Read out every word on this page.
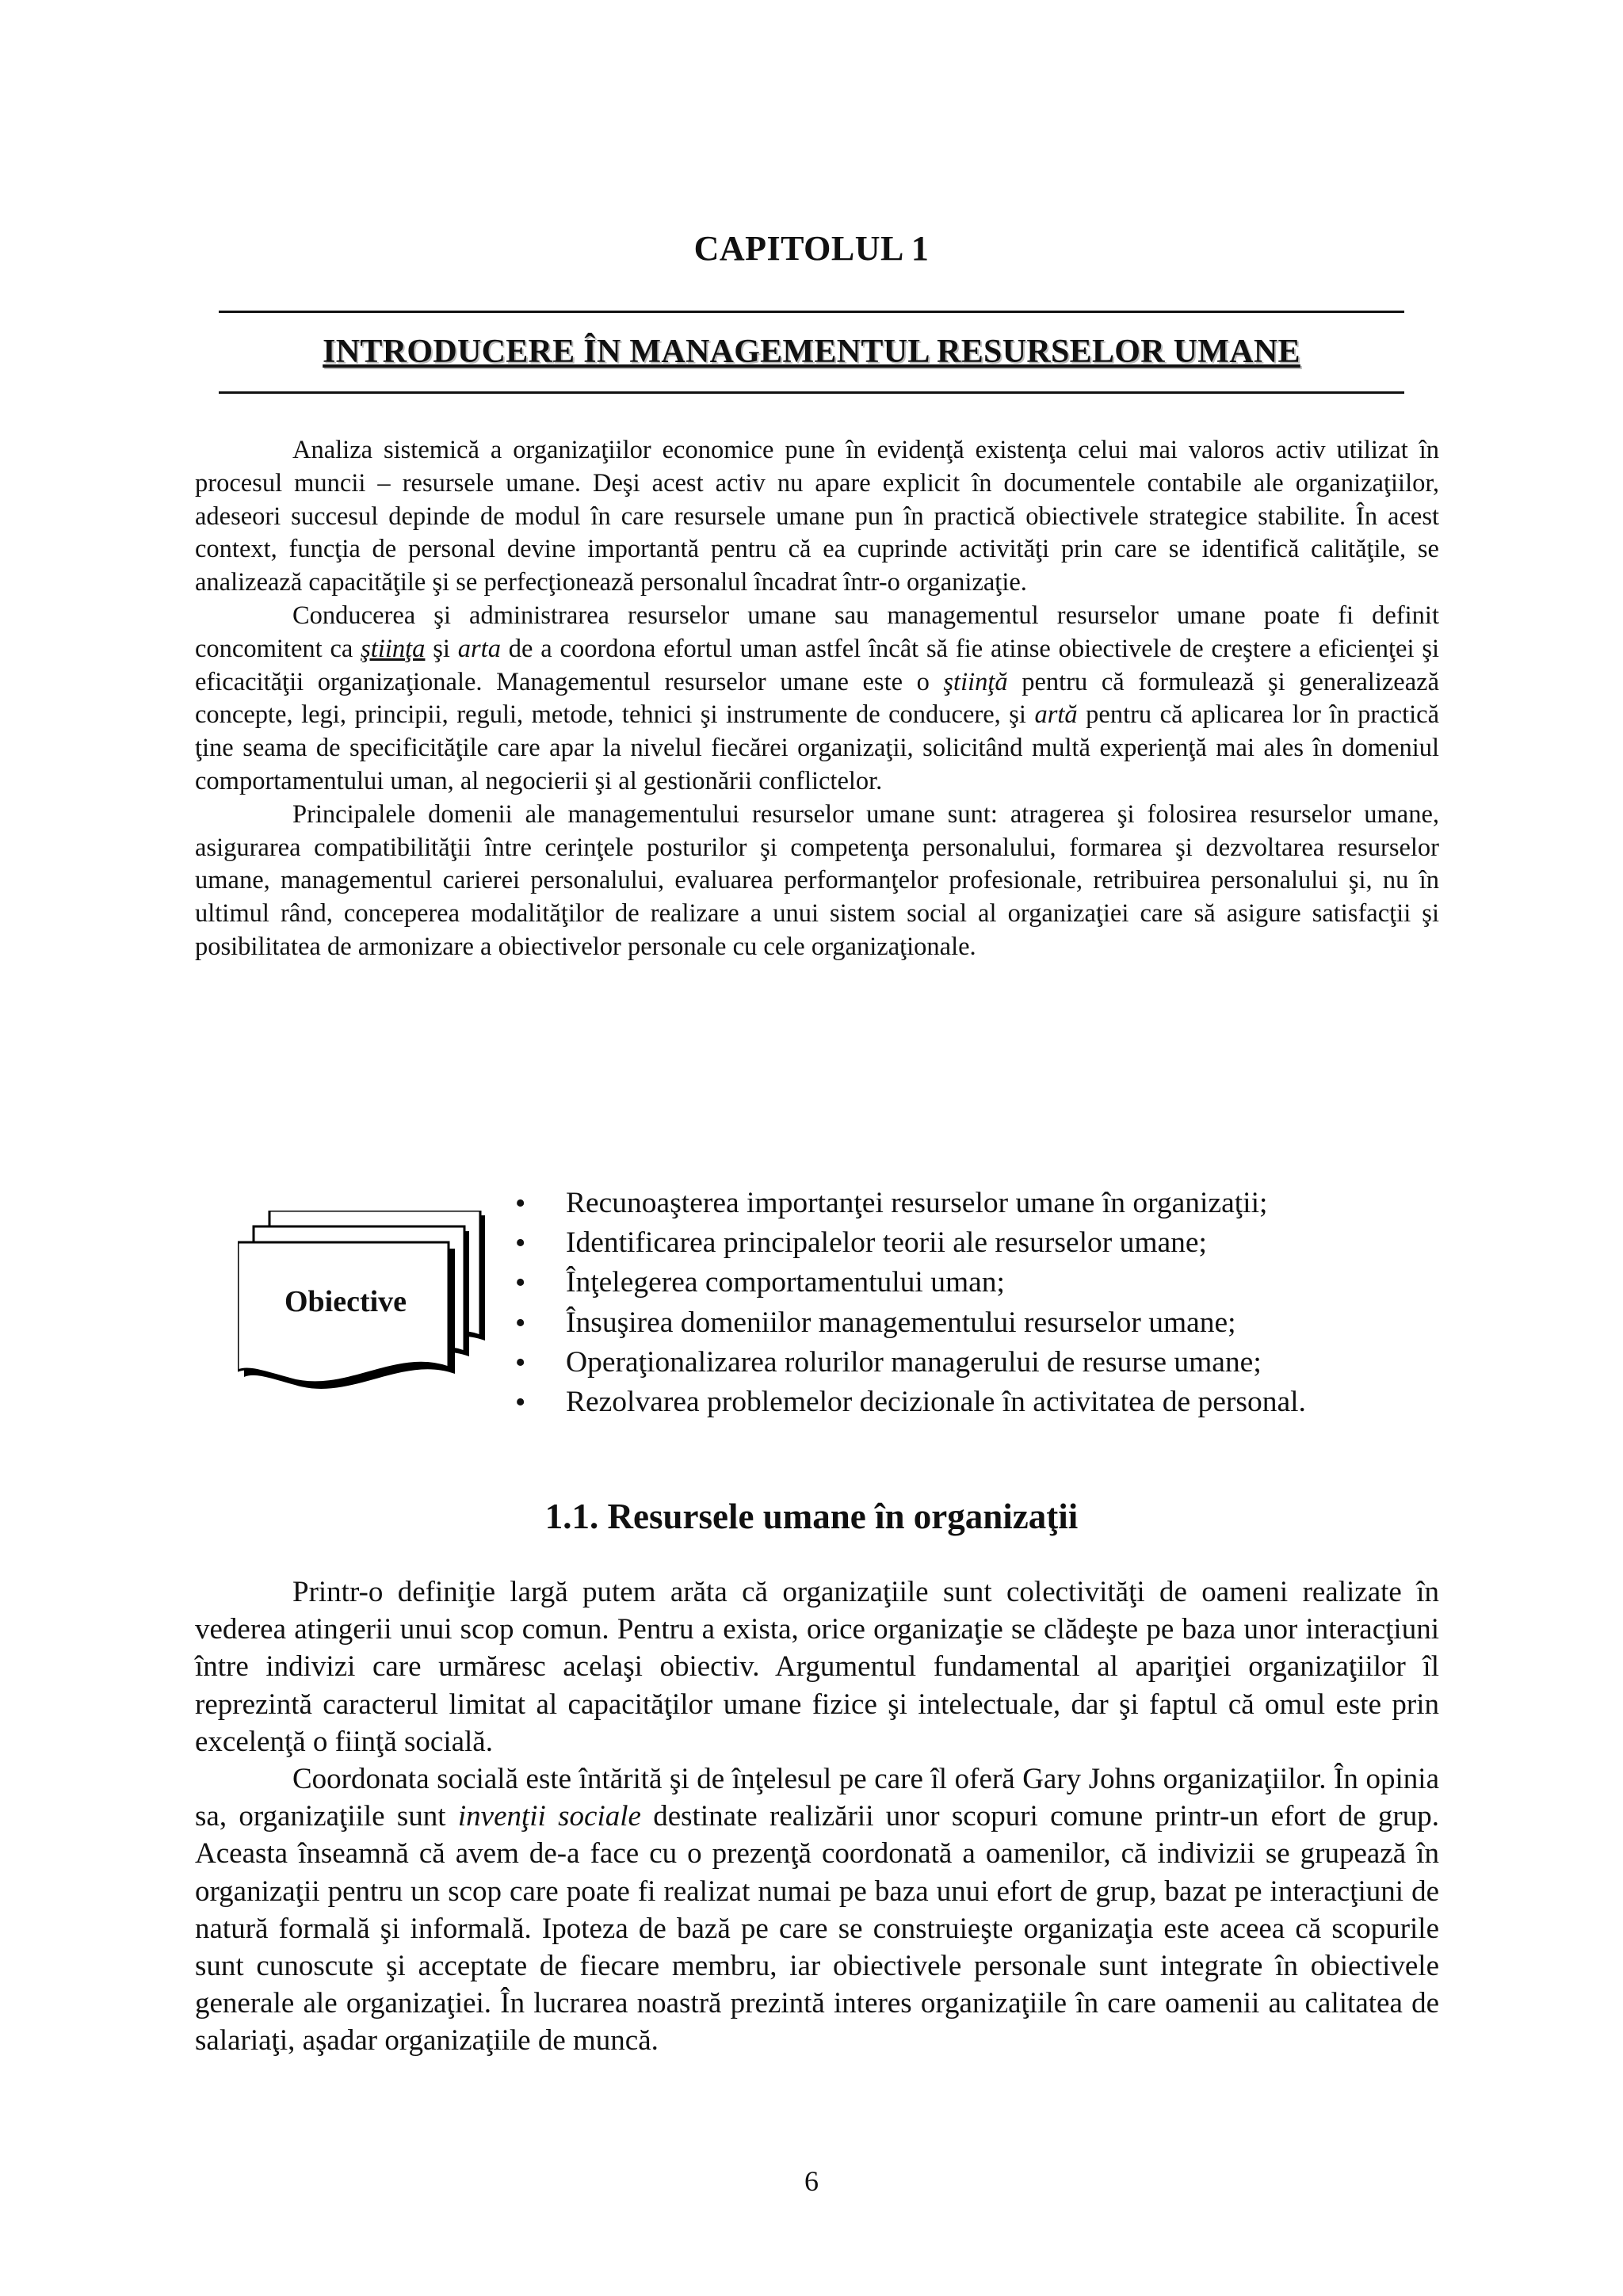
CAPITOLUL 1
INTRODUCERE ÎN MANAGEMENTUL RESURSELOR UMANE

Analiza sistemică a organizaţiilor economice pune în evidenţă existenţa celui mai valoros activ utilizat în procesul muncii – resursele umane. Deşi acest activ nu apare explicit în documentele contabile ale organizaţiilor, adeseori succesul depinde de modul în care resursele umane pun în practică obiectivele strategice stabilite. În acest context, funcţia de personal devine importantă pentru că ea cuprinde activităţi prin care se identifică calităţile, se analizează capacităţile şi se perfecţionează personalul încadrat într-o organizaţie.

Conducerea şi administrarea resurselor umane sau managementul resurselor umane poate fi definit concomitent ca ştiinţa şi arta de a coordona efortul uman astfel încât să fie atinse obiectivele de creştere a eficienţei şi eficacităţii organizaţionale. Managementul resurselor umane este o ştiinţă pentru că formulează şi generalizează concepte, legi, principii, reguli, metode, tehnici şi instrumente de conducere, şi artă pentru că aplicarea lor în practică ţine seama de specificităţile care apar la nivelul fiecărei organizaţii, solicitând multă experienţă mai ales în domeniul comportamentului uman, al negocierii şi al gestionării conflictelor.

Principalele domenii ale managementului resurselor umane sunt: atragerea şi folosirea resurselor umane, asigurarea compatibilităţii între cerinţele posturilor şi competenţa personalului, formarea şi dezvoltarea resurselor umane, managementul carierei personalului, evaluarea performanţelor profesionale, retribuirea personalului şi, nu în ultimul rând, conceperea modalităţilor de realizare a unui sistem social al organizaţiei care să asigure satisfacţii şi posibilitatea de armonizare a obiectivelor personale cu cele organizaţionale.

Obiective
• Recunoaşterea importanţei resurselor umane în organizaţii;
• Identificarea principalelor teorii ale resurselor umane;
• Înţelegerea comportamentului uman;
• Însuşirea domeniilor managementului resurselor umane;
• Operaţionalizarea rolurilor managerului de resurse umane;
• Rezolvarea problemelor decizionale în activitatea de personal.
1.1. Resursele umane în organizaţii

Printr-o definiţie largă putem arăta că organizaţiile sunt colectivităţi de oameni realizate în vederea atingerii unui scop comun. Pentru a exista, orice organizaţie se clădeşte pe baza unor interacţiuni între indivizi care urmăresc acelaşi obiectiv. Argumentul fundamental al apariţiei organizaţiilor îl reprezintă caracterul limitat al capacităţilor umane fizice şi intelectuale, dar şi faptul că omul este prin excelenţă o fiinţă socială.

Coordonata socială este întărită şi de înţelesul pe care îl oferă Gary Johns organizaţiilor. În opinia sa, organizaţiile sunt invenţii sociale destinate realizării unor scopuri comune printr-un efort de grup. Aceasta înseamnă că avem de-a face cu o prezenţă coordonată a oamenilor, că indivizii se grupează în organizaţii pentru un scop care poate fi realizat numai pe baza unui efort de grup, bazat pe interacţiuni de natură formală şi informală. Ipoteza de bază pe care se construieşte organizaţia este aceea că scopurile sunt cunoscute şi acceptate de fiecare membru, iar obiectivele personale sunt integrate în obiectivele generale ale organizaţiei. În lucrarea noastră prezintă interes organizaţiile în care oamenii au calitatea de salariaţi, aşadar organizaţiile de muncă.

6
